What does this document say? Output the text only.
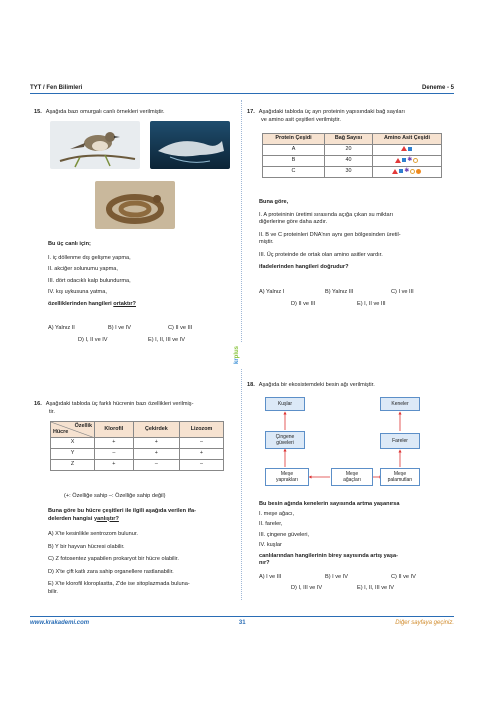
TYT / Fen Bilimleri	Deneme - 5
krplus
15. Aşağıda bazı omurgalı canlı örnekleri verilmiştir.
Bu üç canlı için;
I. iç döllenme dış gelişme yapma,
II. akciğer solunumu yapma,
III. dört odacıklı kalp bulundurma,
IV. kış uykusuna yatma,
özelliklerinden hangileri ortaktır?
A) Yalnız II	B) I ve IV	C) II ve III
D) I, II ve IV	E) I, II, III ve IV
16. Aşağıdaki tabloda üç farklı hücrenin bazı özellikleri verilmiş-
tir.
Özellik
Hücre	Klorofil	Çekirdek	Lizozom
X	+	+	–
Y	–	+	+
Z	+	–	–
(+: Özelliğe sahip –: Özelliğe sahip değil)
Buna göre bu hücre çeşitleri ile ilgili aşağıda verilen ifa-
delerden hangisi yanlıştır?
A) X'te kesinlikle sentrozom bulunur.
B) Y bir hayvan hücresi olabilir.
C) Z fotosentez yapabilen prokaryot bir hücre olabilir.
D) X'te çift katlı zara sahip organellere rastlanabilir.
E) X'te klorofil kloroplastta, Z'de ise sitoplazmada buluna-
bilir.
17. Aşağıdaki tabloda üç ayrı proteinin yapısındaki bağ sayıları
ve amino asit çeşitleri verilmiştir.
Protein Çeşidi	Bağ Sayısı	Amino Asit Çeşidi
A	20	
B	40	✱
C	30	✱
Buna göre,
I. A proteininin üretimi sırasında açığa çıkan su miktarı
diğerlerine göre daha azdır.
II. B ve C proteinleri DNA'nın aynı gen bölgesinden üretil-
miştir.
III. Üç proteinde de ortak olan amino asitler vardır.
ifadelerinden hangileri doğrudur?
A) Yalnız I	B) Yalnız III	C) I ve III
D) II ve III	E) I, II ve III
18. Aşağıda bir ekosistemdeki besin ağı verilmiştir.
Kuşlar	Keneler
Çingene
güveleri	Fareler
Meşe
yaprakları
Meşe
ağaçları
Meşe
palamutları
Bu besin ağında kenelerin sayısında artma yaşanırsa
I. meşe ağacı,
II. fareler,
III. çingene güveleri,
IV. kuşlar
canlılarından hangilerinin birey sayısında artış yaşa-
nır?
A) I ve III	B) I ve IV	C) II ve IV
D) I, III ve IV	E) I, II, III ve IV
www.krakademi.com	31	Diğer sayfaya geçiniz.
